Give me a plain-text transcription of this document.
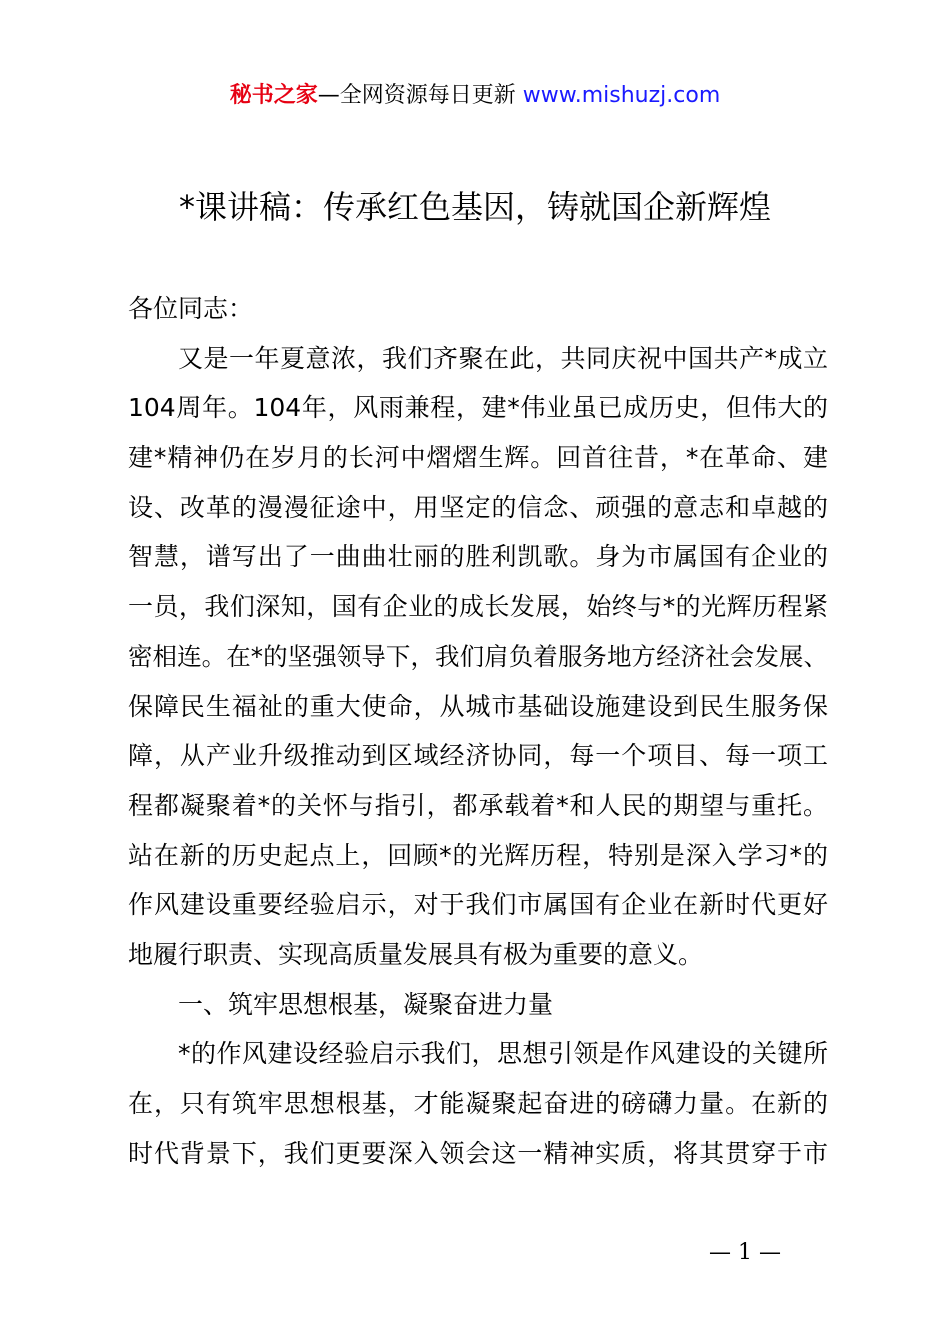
秘书之家—全网资源每日更新 www.mishuzj.com
*课讲稿：传承红色基因，铸就国企新辉煌
各位同志：
又是一年夏意浓，我们齐聚在此，共同庆祝中国共产*成立
104周年。104年，风雨兼程，建*伟业虽已成历史，但伟大的
建*精神仍在岁月的长河中熠熠生辉。回首往昔，*在革命、建
设、改革的漫漫征途中，用坚定的信念、顽强的意志和卓越的
智慧，谱写出了一曲曲壮丽的胜利凯歌。身为市属国有企业的
一员，我们深知，国有企业的成长发展，始终与*的光辉历程紧
密相连。在*的坚强领导下，我们肩负着服务地方经济社会发展、
保障民生福祉的重大使命，从城市基础设施建设到民生服务保
障，从产业升级推动到区域经济协同，每一个项目、每一项工
程都凝聚着*的关怀与指引，都承载着*和人民的期望与重托。
站在新的历史起点上，回顾*的光辉历程，特别是深入学习*的
作风建设重要经验启示，对于我们市属国有企业在新时代更好
地履行职责、实现高质量发展具有极为重要的意义。
一、筑牢思想根基，凝聚奋进力量
*的作风建设经验启示我们，思想引领是作风建设的关键所
在，只有筑牢思想根基，才能凝聚起奋进的磅礴力量。在新的
时代背景下，我们更要深入领会这一精神实质，将其贯穿于市
— 1 —
